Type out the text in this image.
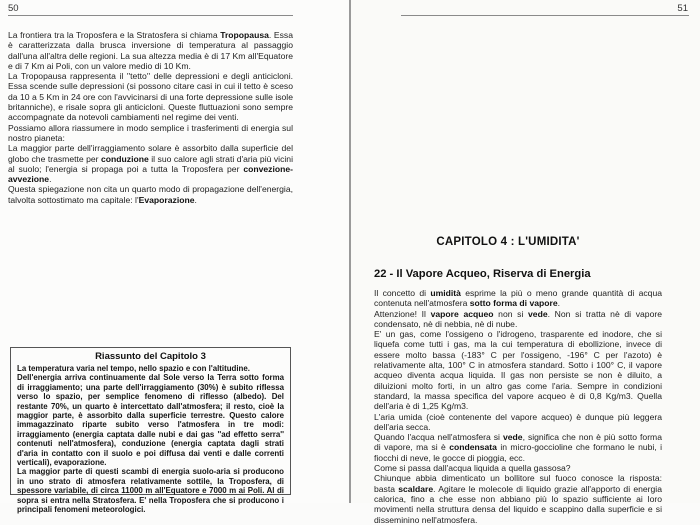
50

La frontiera tra la Troposfera e la Stratosfera si chiama Tropopausa. Essa è caratterizzata dalla brusca inversione di temperatura al passaggio dall'una all'altra delle regioni. La sua altezza media è di 17 Km all'Equatore e di 7 Km ai Poli, con un valore medio di 10 Km.

La Tropopausa rappresenta il ''tetto'' delle depressioni e degli anticicloni. Essa scende sulle depressioni (si possono citare casi in cui il tetto è sceso da 10 a 5 Km in 24 ore con l'avvicinarsi di una forte depressione sulle isole britanniche), e risale sopra gli anticicloni. Queste fluttuazioni sono sempre accompagnate da notevoli cambiamenti nel regime dei venti.

Possiamo allora riassumere in modo semplice i trasferimenti di energia sul nostro pianeta:

La maggior parte dell'irraggiamento solare è assorbito dalla superficie del globo che trasmette per conduzione il suo calore agli strati d'aria più vicini al suolo; l'energia si propaga poi a tutta la Troposfera per convezione-avvezione.

Questa spiegazione non cita un quarto modo di propagazione dell'energia, talvolta sottostimato ma capitale: l'Evaporazione.

Riassunto del Capitolo 3

La temperatura varia nel tempo, nello spazio e con l'altitudine.

Dell'energia arriva continuamente dal Sole verso la Terra sotto forma di irraggiamento; una parte dell'irraggiamento (30%) è subito riflessa verso lo spazio, per semplice fenomeno di riflesso (albedo). Del restante 70%, un quarto è intercettato dall'atmosfera; il resto, cioè la maggior parte, è assorbito dalla superficie terrestre. Questo calore immagazzinato riparte subito verso l'atmosfera in tre modi: irraggiamento (energia captata dalle nubi e dai gas ''ad effetto serra'' contenuti nell'atmosfera), conduzione (energia captata dagli strati d'aria in contatto con il suolo e poi diffusa dai venti e dalle correnti verticali), evaporazione.

La maggior parte di questi scambi di energia suolo-aria si producono in uno strato di atmosfera relativamente sottile, la Troposfera, di spessore variabile, di circa 11000 m all'Equatore e 7000 m ai Poli. Al di sopra si entra nella Stratosfera. E' nella Troposfera che si producono i principali fenomeni meteorologici.

51
CAPITOLO 4 : L'UMIDITA'
22 - Il Vapore Acqueo, Riserva di Energia

Il concetto di umidità esprime la più o meno grande quantità di acqua contenuta nell'atmosfera sotto forma di vapore.

Attenzione! Il vapore acqueo non si vede. Non si tratta nè di vapore condensato, nè di nebbia, nè di nube.

E' un gas, come l'ossigeno o l'idrogeno, trasparente ed inodore, che si liquefa come tutti i gas, ma la cui temperatura di ebollizione, invece di essere molto bassa (-183° C per l'ossigeno, -196° C per l'azoto) è relativamente alta, 100° C in atmosfera standard. Sotto i 100° C, il vapore acqueo diventa acqua liquida. Il gas non persiste se non è diluito, a diluizioni molto forti, in un altro gas come l'aria. Sempre in condizioni standard, la massa specifica del vapore acqueo è di 0,8 Kg/m3. Quella dell'aria è di 1,25 Kg/m3.

L'aria umida (cioè contenente del vapore acqueo) è dunque più leggera dell'aria secca.

Quando l'acqua nell'atmosfera si vede, significa che non è più sotto forma di vapore, ma si è condensata in micro-goccioline che formano le nubi, i fiocchi di neve, le gocce di pioggia, ecc.

Come si passa dall'acqua liquida a quella gassosa?

Chiunque abbia dimenticato un bollitore sul fuoco conosce la risposta: basta scaldare. Agitare le molecole di liquido grazie all'apporto di energia calorica, fino a che esse non abbiano più lo spazio sufficiente ai loro movimenti nella struttura densa del liquido e scappino dalla superficie e si disseminino nell'atmosfera.
